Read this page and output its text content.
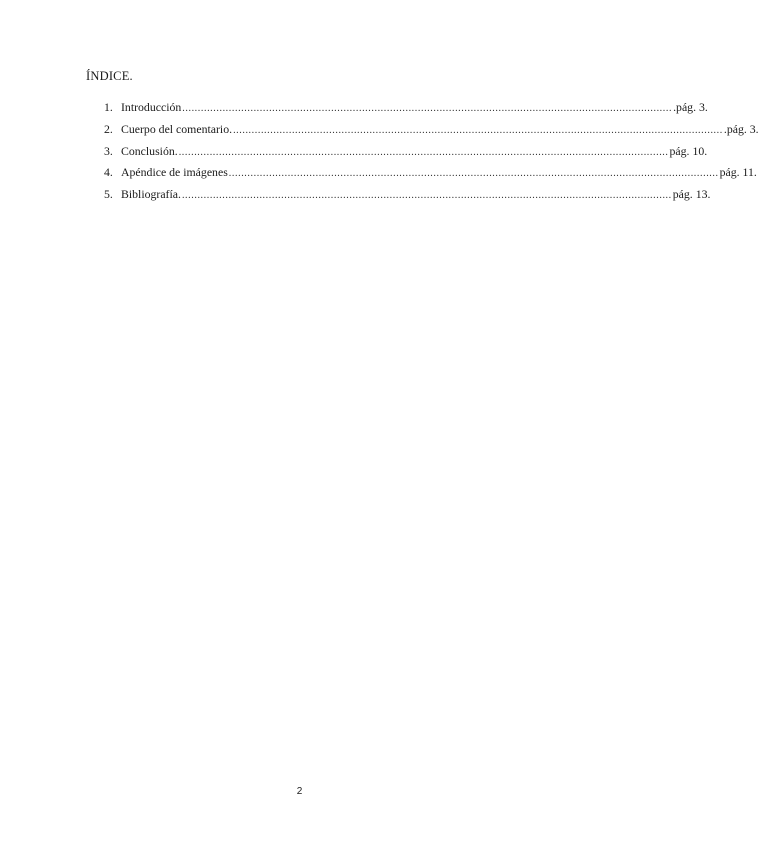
ÍNDICE.
1. Introducción .............................................................................................................................................................. .pág. 3.
2. Cuerpo del comentario. .............................................................................................................................................................. .pág. 3.
3. Conclusión. .............................................................................................................................................................. pág. 10.
4. Apéndice de imágenes .............................................................................................................................................................. pág. 11.
5. Bibliografía. .............................................................................................................................................................. pág. 13.
2
